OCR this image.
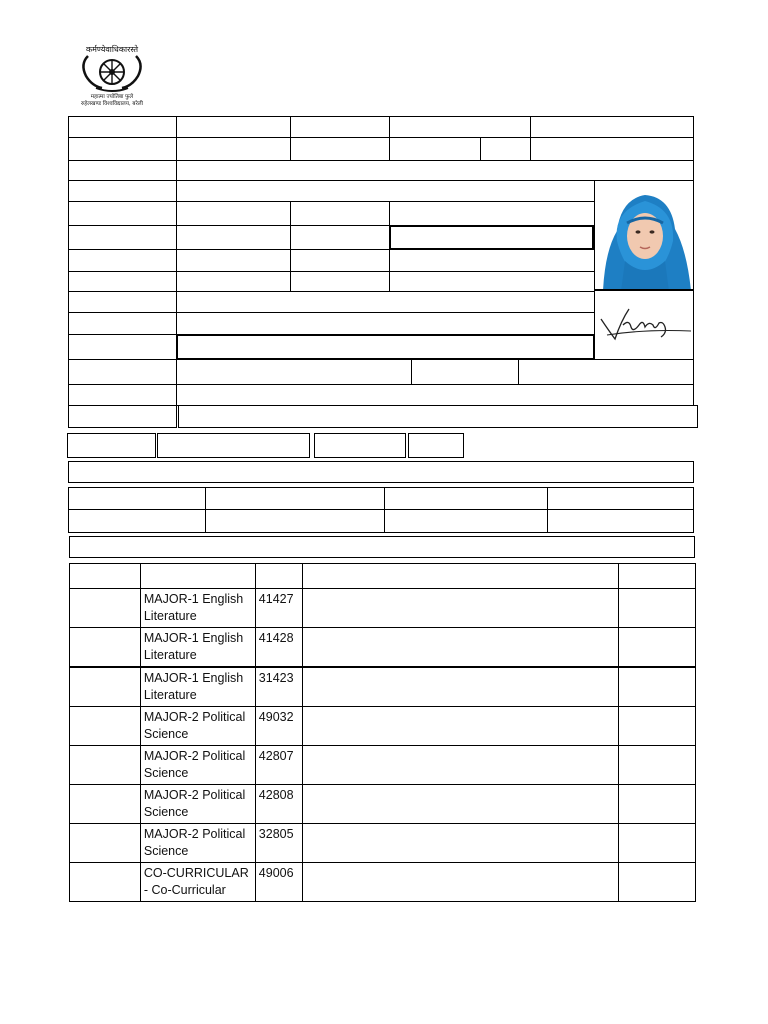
कर्मण्येवाधिकारस्ते
महात्मा ज्योतिबा फुले
रुहेलखण्ड विश्वविद्यालय, बरेली

	MAJOR-1 English Literature	41427		
	MAJOR-1 English Literature	41428		
	MAJOR-1 English Literature	31423		
	MAJOR-2 Political Science	49032		
	MAJOR-2 Political Science	42807		
	MAJOR-2 Political Science	42808		
	MAJOR-2 Political Science	32805		
	CO-CURRICULAR - Co-Curricular	49006		
